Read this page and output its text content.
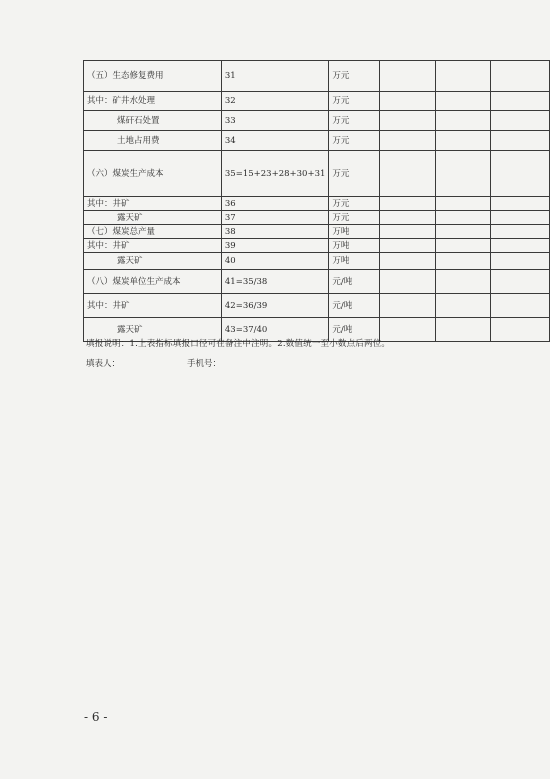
（五）生态修复费用	31	万元			
其中：矿井水处理	32	万元			
煤矸石处置	33	万元			
土地占用费	34	万元			
（六）煤炭生产成本	35=15+23+28+30+31	万元			
其中：井矿	36	万元			
露天矿	37	万元			
（七）煤炭总产量	38	万吨			
其中：井矿	39	万吨			
露天矿	40	万吨			
（八）煤炭单位生产成本	41=35/38	元/吨			
其中：井矿	42=36/39	元/吨			
露天矿	43=37/40	元/吨			
填报说明：1.上表指标填报口径可在备注中注明。2.数值统一至小数点后两位。
填表人：	手机号：
- 6 -
